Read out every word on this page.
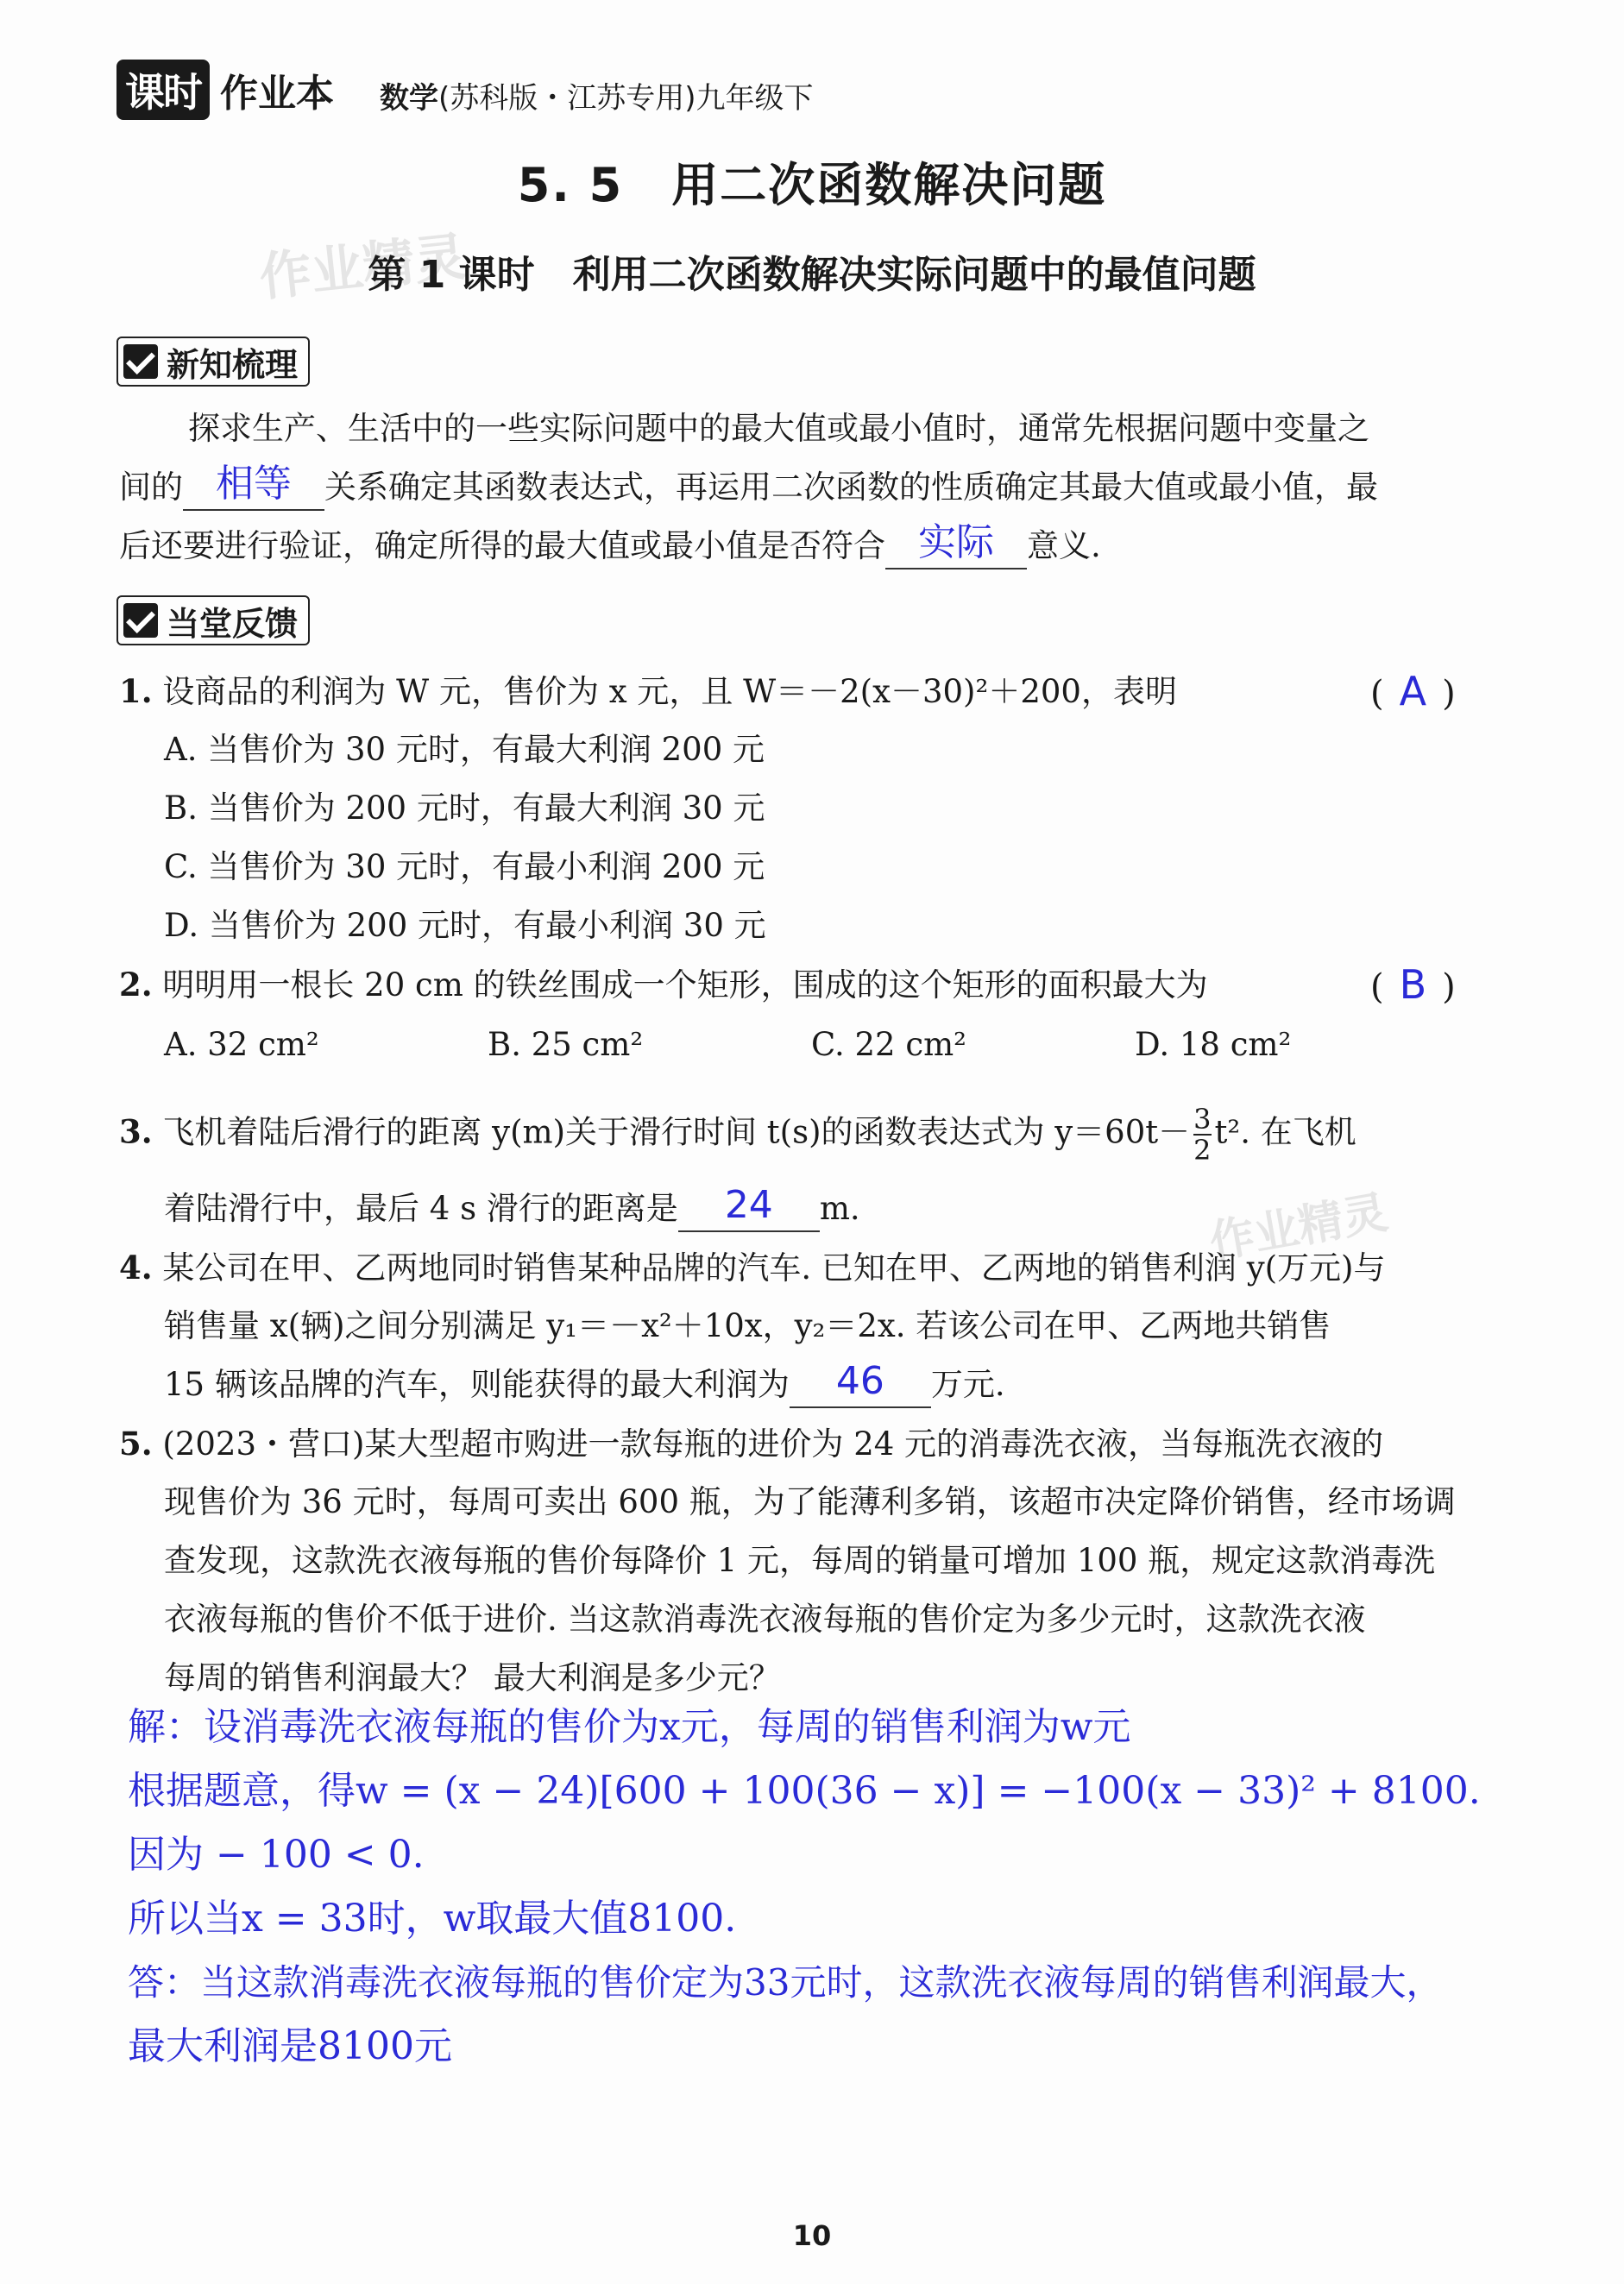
课时 作业本 数学(苏科版・江苏专用)九年级下
5. 5　用二次函数解决问题
作业精灵
第 1 课时　利用二次函数解决实际问题中的最值问题
新知梳理
探求生产、生活中的一些实际问题中的最大值或最小值时，通常先根据问题中变量之
间的 相等	关系确定其函数表达式，再运用二次函数的性质确定其最大值或最小值，最
后还要进行验证，确定所得的最大值或最小值是否符合 实际	意义.
当堂反馈
1. 设商品的利润为 W 元，售价为 x 元，且 W＝－2(x－30)²＋200，表明	( A )
A. 当售价为 30 元时，有最大利润 200 元
B. 当售价为 200 元时，有最大利润 30 元
C. 当售价为 30 元时，有最小利润 200 元
D. 当售价为 200 元时，有最小利润 30 元
2. 明明用一根长 20 cm 的铁丝围成一个矩形，围成的这个矩形的面积最大为	( B )
A. 32 cm²	B. 25 cm²	C. 22 cm²	D. 18 cm²
3. 飞机着陆后滑行的距离 y(m)关于滑行时间 t(s)的函数表达式为 $y=60t- \frac{3}{2} t^2$. 在飞机
着陆滑行中，最后 4 s 滑行的距离是	24	m.	作业精灵
4. 某公司在甲、乙两地同时销售某种品牌的汽车. 已知在甲、乙两地的销售利润 y(万元)与
销售量 x(辆)之间分别满足 y₁＝－x²＋10x，y₂＝2x. 若该公司在甲、乙两地共销售
15 辆该品牌的汽车，则能获得的最大利润为	46	万元.
5. (2023・营口)某大型超市购进一款每瓶的进价为 24 元的消毒洗衣液，当每瓶洗衣液的
现售价为 36 元时，每周可卖出 600 瓶，为了能薄利多销，该超市决定降价销售，经市场调
查发现，这款洗衣液每瓶的售价每降价 1 元，每周的销量可增加 100 瓶，规定这款消毒洗
衣液每瓶的售价不低于进价. 当这款消毒洗衣液每瓶的售价定为多少元时，这款洗衣液
每周的销售利润最大？ 最大利润是多少元？
解：设消毒洗衣液每瓶的售价为x元，每周的销售利润为w元
根据题意，得w = (x − 24)[600 + 100(36 − x)] = −100(x − 33)² + 8100.
因为 − 100 < 0.
所以当x = 33时，w取最大值8100.
答：当这款消毒洗衣液每瓶的售价定为33元时，这款洗衣液每周的销售利润最大，
最大利润是8100元
10
